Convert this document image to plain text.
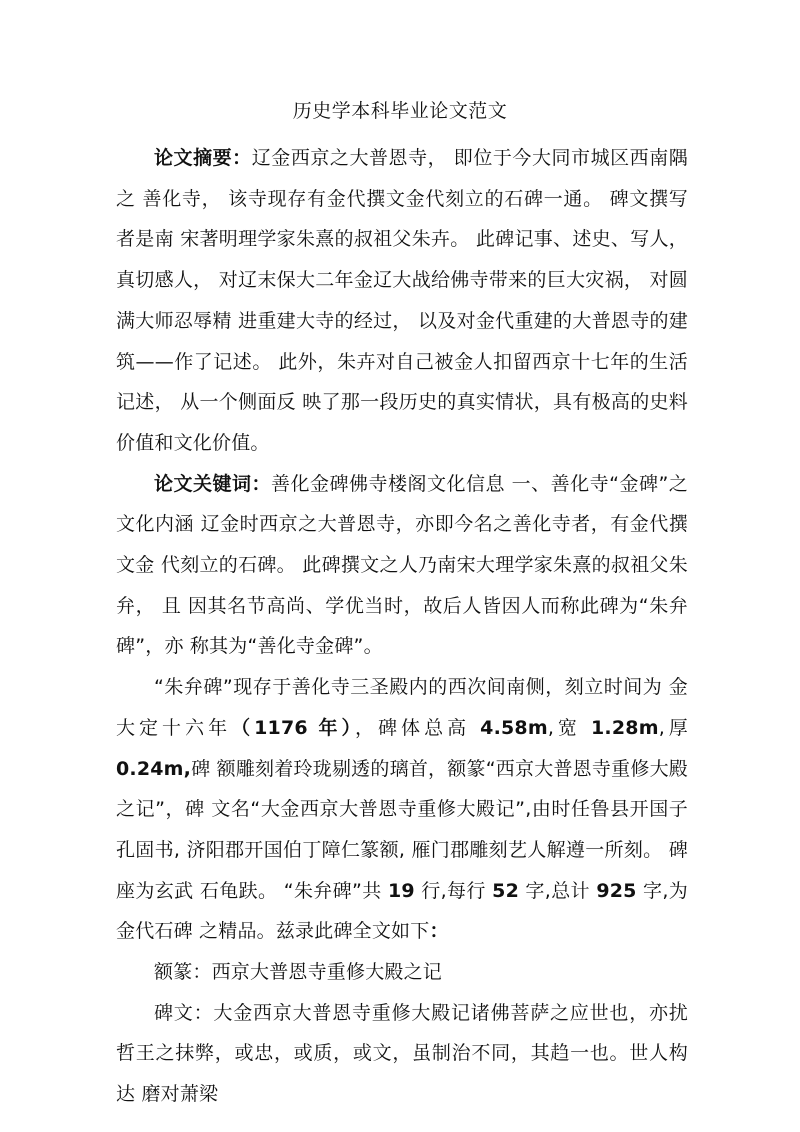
历史学本科毕业论文范文

论文摘要：辽金西京之大普恩寺， 即位于今大同市城区西南隅之 善化寺， 该寺现存有金代撰文金代刻立的石碑一通。 碑文撰写者是南 宋著明理学家朱熹的叔祖父朱卉。 此碑记事、述史、写人，真切感人， 对辽末保大二年金辽大战给佛寺带来的巨大灾祸， 对圆满大师忍辱精 进重建大寺的经过， 以及对金代重建的大普恩寺的建筑——作了记述。 此外，朱卉对自己被金人扣留西京十七年的生活记述， 从一个侧面反 映了那一段历史的真实情状，具有极高的史料价值和文化价值。

论文关键词：善化金碑佛寺楼阁文化信息 一、善化寺“金碑”之文化内涵 辽金时西京之大普恩寺，亦即今名之善化寺者，有金代撰文金 代刻立的石碑。 此碑撰文之人乃南宋大理学家朱熹的叔祖父朱弁， 且 因其名节高尚、学优当时，故后人皆因人而称此碑为“朱弁碑”，亦 称其为“善化寺金碑”。

“朱弁碑”现存于善化寺三圣殿内的西次间南侧，刻立时间为 金大定十六年（1176 年），碑体总高 4.58m,宽 1.28m,厚 0.24m,碑 额雕刻着玲珑剔透的璃首，额篆“西京大普恩寺重修大殿之记”，碑 文名“大金西京大普恩寺重修大殿记”,由时任鲁县开国子孔固书, 济阳郡开国伯丁障仁篆额, 雁门郡雕刻艺人解遵一所刻。 碑座为玄武 石龟趺。 “朱弁碑”共 19 行,每行 52 字,总计 925 字,为金代石碑 之精品。兹录此碑全文如下：

额篆：西京大普恩寺重修大殿之记

碑文：大金西京大普恩寺重修大殿记诸佛菩萨之应世也，亦扰 哲王之抹弊，或忠，或质，或文，虽制治不同，其趋一也。世人构达 磨对萧梁
